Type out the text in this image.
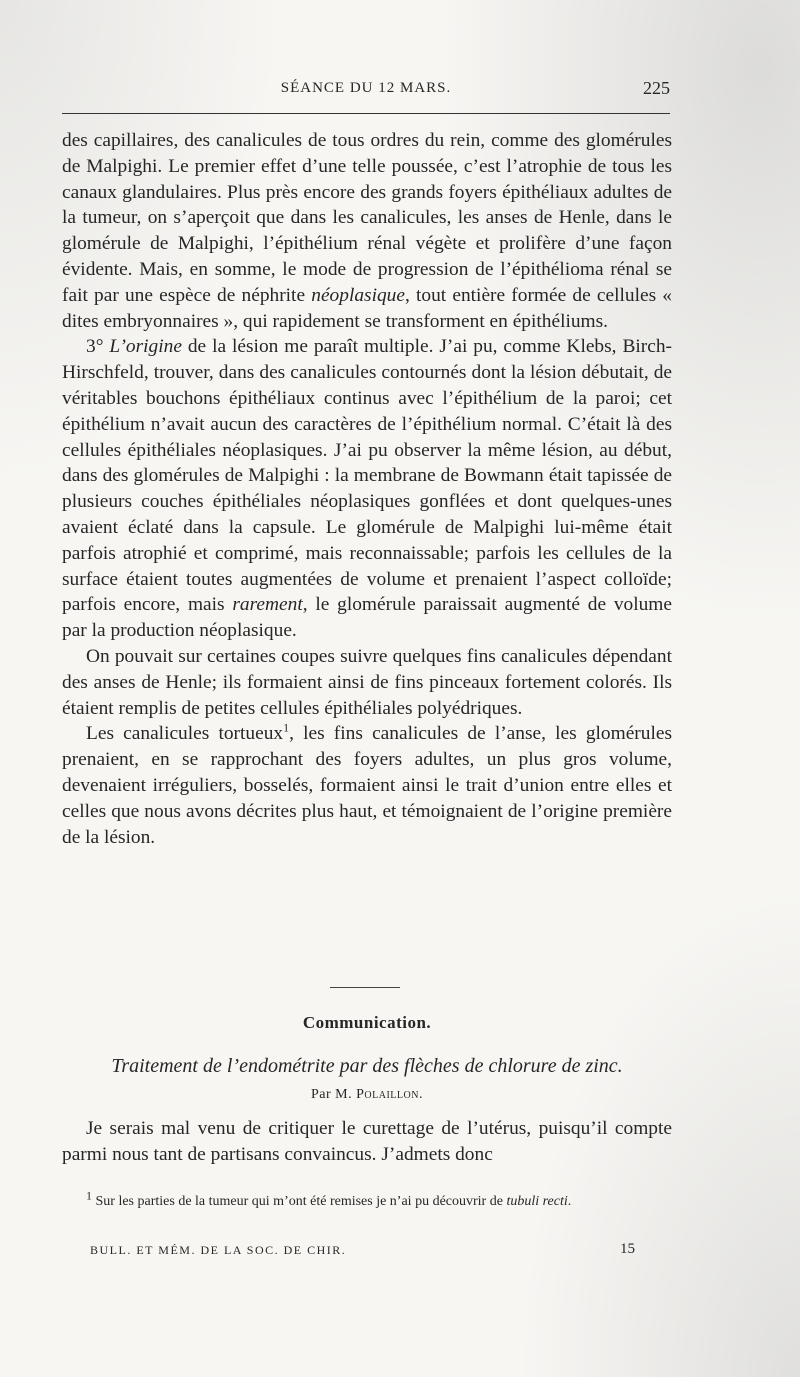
SÉANCE DU 12 MARS.	225

des capillaires, des canalicules de tous ordres du rein, comme des glomérules de Malpighi. Le premier effet d’une telle poussée, c’est l’atrophie de tous les canaux glandulaires. Plus près encore des grands foyers épithéliaux adultes de la tumeur, on s’aperçoit que dans les canalicules, les anses de Henle, dans le glomérule de Malpighi, l’épithélium rénal végète et prolifère d’une façon évidente. Mais, en somme, le mode de progression de l’épithélioma rénal se fait par une espèce de néphrite néoplasique, tout entière formée de cellules « dites embryonnaires », qui rapidement se transforment en épithéliums.

3° L’origine de la lésion me paraît multiple. J’ai pu, comme Klebs, Birch-Hirschfeld, trouver, dans des canalicules contournés dont la lésion débutait, de véritables bouchons épithéliaux continus avec l’épithélium de la paroi; cet épithélium n’avait aucun des caractères de l’épithélium normal. C’était là des cellules épithéliales néoplasiques. J’ai pu observer la même lésion, au début, dans des glomérules de Malpighi : la membrane de Bowmann était tapissée de plusieurs couches épithéliales néoplasiques gonflées et dont quelques-unes avaient éclaté dans la capsule. Le glomérule de Malpighi lui-même était parfois atrophié et comprimé, mais reconnaissable; parfois les cellules de la surface étaient toutes augmentées de volume et prenaient l’aspect colloïde; parfois encore, mais rarement, le glomérule paraissait augmenté de volume par la production néoplasique.

On pouvait sur certaines coupes suivre quelques fins canalicules dépendant des anses de Henle; ils formaient ainsi de fins pinceaux fortement colorés. Ils étaient remplis de petites cellules épithéliales polyédriques.

Les canalicules tortueux$^1$, les fins canalicules de l’anse, les glomérules prenaient, en se rapprochant des foyers adultes, un plus gros volume, devenaient irréguliers, bosselés, formaient ainsi le trait d’union entre elles et celles que nous avons décrites plus haut, et témoignaient de l’origine première de la lésion.

Communication.
Traitement de l’endométrite par des flèches de chlorure de zinc.
Par M. Polaillon.

Je serais mal venu de critiquer le curettage de l’utérus, puisqu’il compte parmi nous tant de partisans convaincus. J’admets donc

$^1$ Sur les parties de la tumeur qui m’ont été remises je n’ai pu découvrir de tubuli recti.

BULL. ET MÉM. DE LA SOC. DE CHIR.	15
